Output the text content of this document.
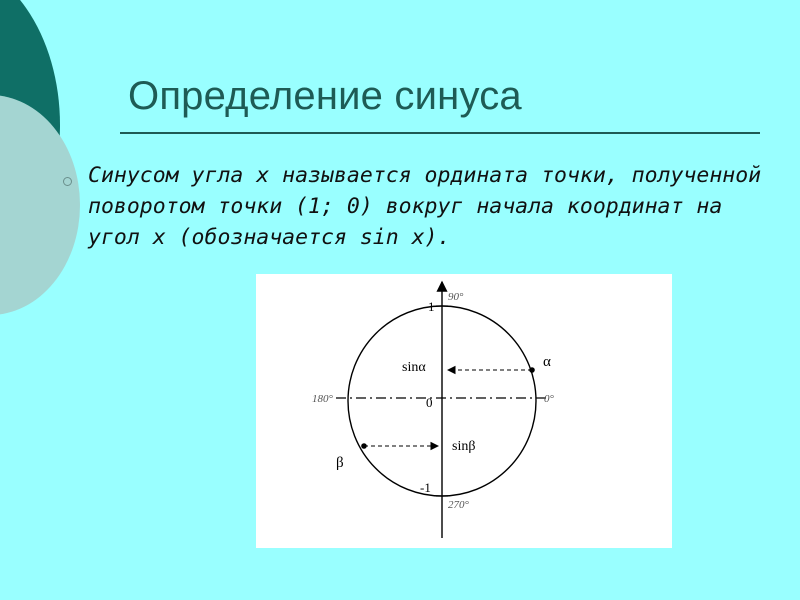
Определение синуса
Синусом угла x называется ордината точки, полученной поворотом точки (1; 0) вокруг начала координат на угол x (обозначается sin x).
1
90°
0
180°	0°
-1
270°
sinα
sinβ
α
β
